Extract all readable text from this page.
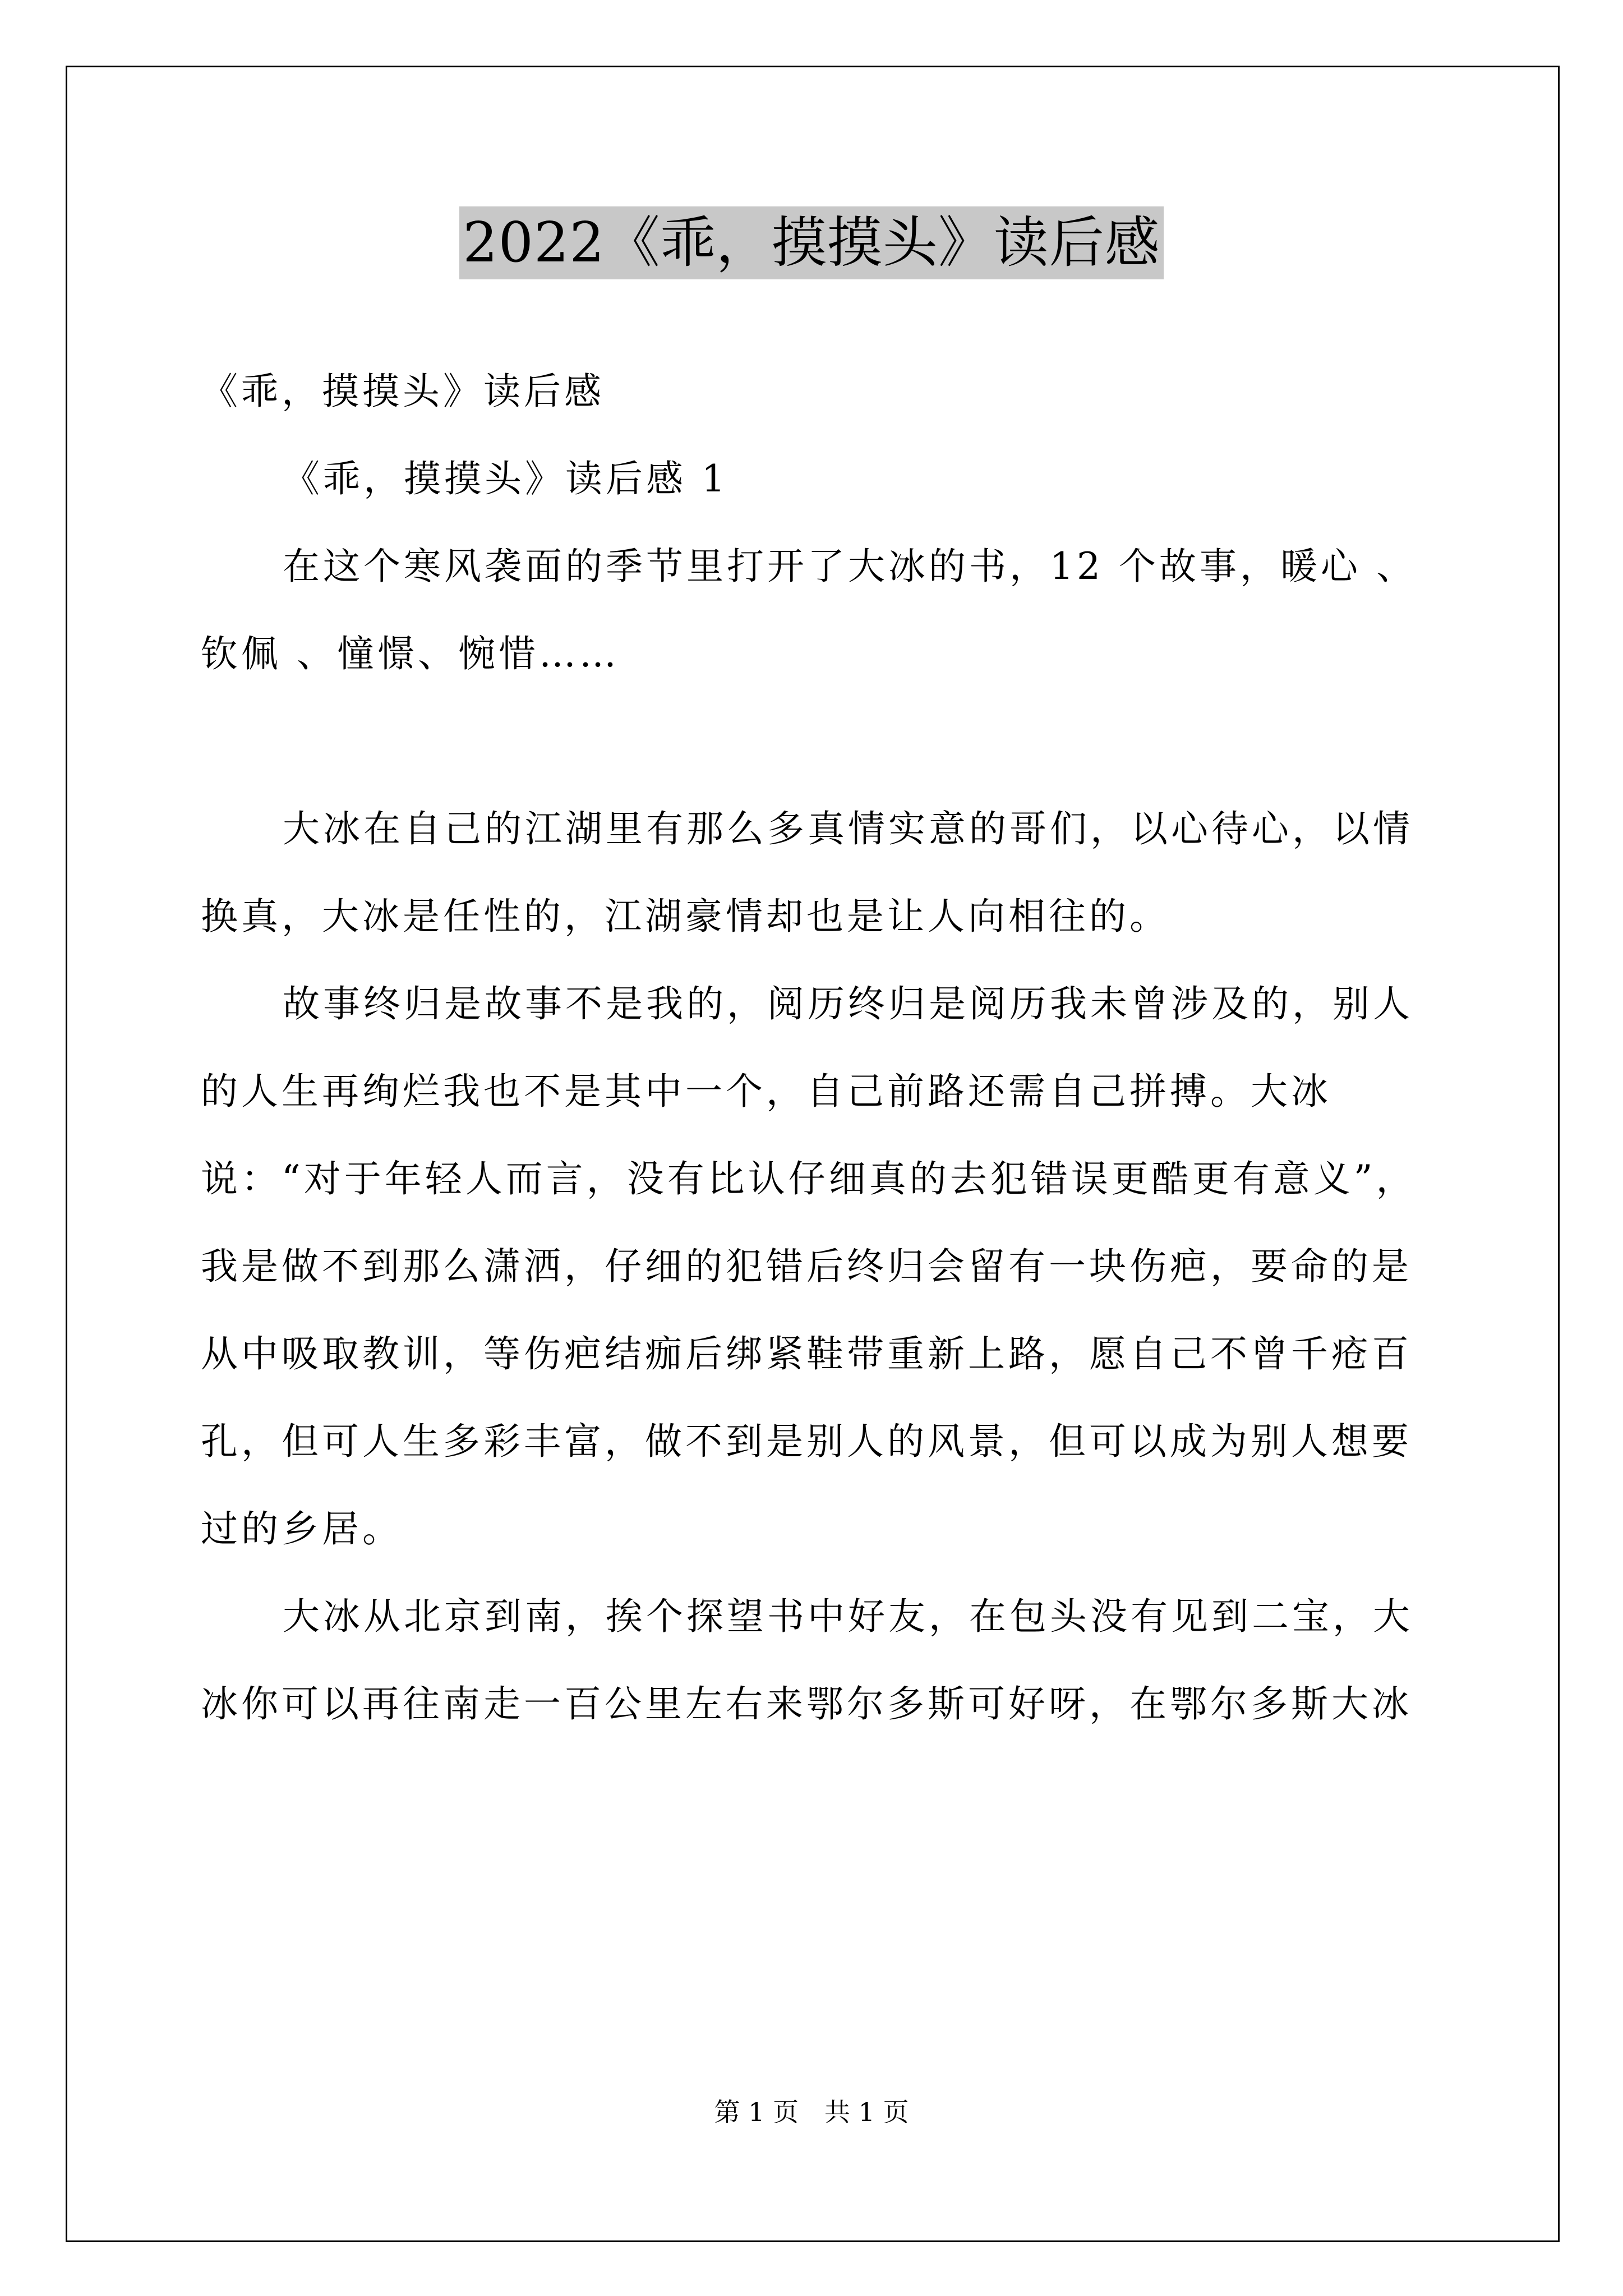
2022《乖，摸摸头》读后感

《乖，摸摸头》读后感

《乖，摸摸头》读后感 1

在这个寒风袭面的季节里打开了大冰的书，12 个故事，暖心 、钦佩 、憧憬、惋惜……

大冰在自己的江湖里有那么多真情实意的哥们，以心待心，以情换真，大冰是任性的，江湖豪情却也是让人向相往的。

故事终归是故事不是我的，阅历终归是阅历我未曾涉及的，别人的人生再绚烂我也不是其中一个，自己前路还需自己拼搏。大冰说：“对于年轻人而言，没有比认仔细真的去犯错误更酷更有意义”，我是做不到那么潇洒，仔细的犯错后终归会留有一块伤疤，要命的是从中吸取教训，等伤疤结痂后绑紧鞋带重新上路，愿自己不曾千疮百孔，但可人生多彩丰富，做不到是别人的风景，但可以成为别人想要过的乡居。

大冰从北京到南，挨个探望书中好友，在包头没有见到二宝，大冰你可以再往南走一百公里左右来鄂尔多斯可好呀，在鄂尔多斯大冰

第 1 页　共 1 页
